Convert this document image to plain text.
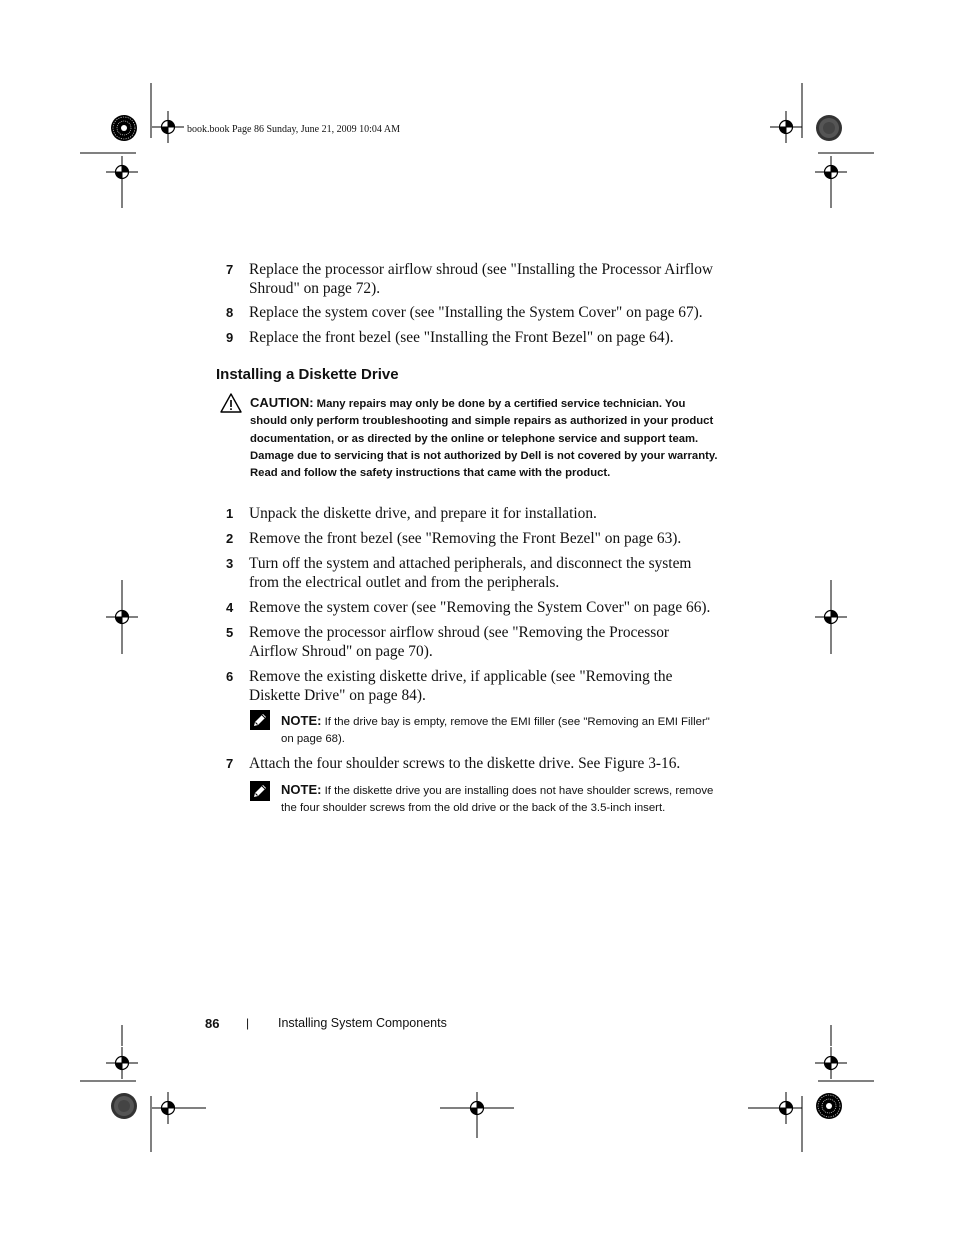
book.book Page 86 Sunday, June 21, 2009 10:04 AM
7 Replace the processor airflow shroud (see "Installing the Processor Airflow Shroud" on page 72).
8 Replace the system cover (see "Installing the System Cover" on page 67).
9 Replace the front bezel (see "Installing the Front Bezel" on page 64).
Installing a Diskette Drive
CAUTION: Many repairs may only be done by a certified service technician. You should only perform troubleshooting and simple repairs as authorized in your product documentation, or as directed by the online or telephone service and support team. Damage due to servicing that is not authorized by Dell is not covered by your warranty. Read and follow the safety instructions that came with the product.
1 Unpack the diskette drive, and prepare it for installation.
2 Remove the front bezel (see "Removing the Front Bezel" on page 63).
3 Turn off the system and attached peripherals, and disconnect the system from the electrical outlet and from the peripherals.
4 Remove the system cover (see "Removing the System Cover" on page 66).
5 Remove the processor airflow shroud (see "Removing the Processor Airflow Shroud" on page 70).
6 Remove the existing diskette drive, if applicable (see "Removing the Diskette Drive" on page 84).
NOTE: If the drive bay is empty, remove the EMI filler (see "Removing an EMI Filler" on page 68).
7 Attach the four shoulder screws to the diskette drive. See Figure 3-16.
NOTE: If the diskette drive you are installing does not have shoulder screws, remove the four shoulder screws from the old drive or the back of the 3.5-inch insert.
86 | Installing System Components
